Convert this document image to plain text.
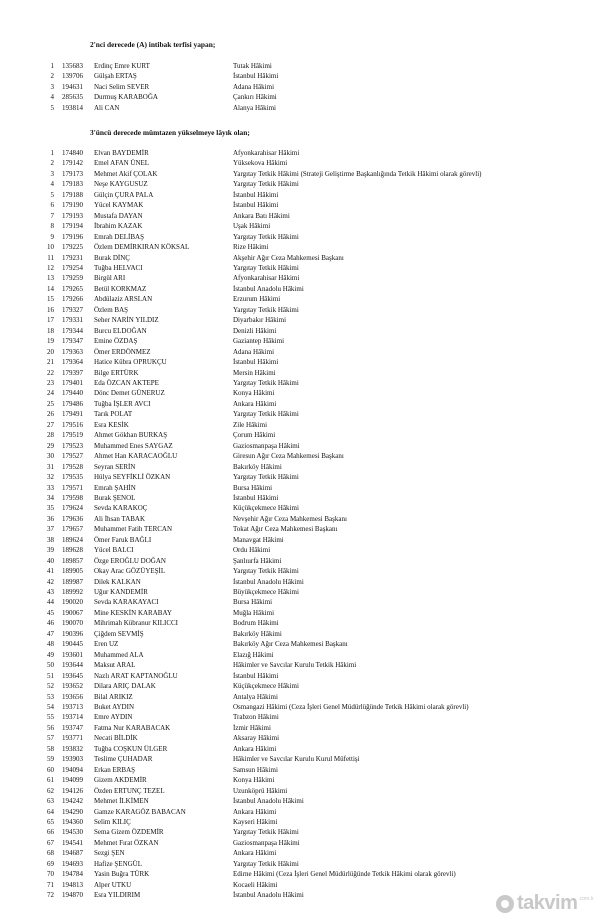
2'nci derecede (A) intibak terfisi yapan;
1 135683 Erdinç Emre KURT	Tutak Hâkimi
2 139706 Gülşah ERTAŞ	İstanbul Hâkimi
3 194631 Naci Selim SEVER	Adana Hâkimi
4 285635 Durmuş KARABOĞA	Çankırı Hâkimi
5 193814 Ali CAN	Alanya Hâkimi
3'üncü derecede mümtazen yükselmeye lâyık olan;
1 174840 Elvan BAYDEMİR	Afyonkarahisar Hâkimi
2 179142 Emel AFAN ÜNEL	Yüksekova Hâkimi
3 179173 Mehmet Akif ÇOLAK	Yargıtay Tetkik Hâkimi (Strateji Geliştirme Başkanlığında Tetkik Hâkimi olarak görevli)
4 179183 Neşe KAYGUSUZ	Yargıtay Tetkik Hâkimi
5 179188 Gülçin ÇURA PALA	İstanbul Hâkimi
6 179190 Yücel KAYMAK	İstanbul Hâkimi
7 179193 Mustafa DAYAN	Ankara Batı Hâkimi
8 179194 İbrahim KAZAK	Uşak Hâkimi
9 179196 Emrah DELİBAŞ	Yargıtay Tetkik Hâkimi
10 179225 Özlem DEMİRKIRAN KÖKSAL	Rize Hâkimi
11 179231 Burak DİNÇ	Akşehir Ağır Ceza Mahkemesi Başkanı
12 179254 Tuğba HELVACI	Yargıtay Tetkik Hâkimi
13 179259 Birgül ARI	Afyonkarahisar Hâkimi
14 179265 Betül KORKMAZ	İstanbul Anadolu Hâkimi
15 179266 Abdülaziz ARSLAN	Erzurum Hâkimi
16 179327 Özlem BAŞ	Yargıtay Tetkik Hâkimi
17 179331 Seher NARİN YILDIZ	Diyarbakır Hâkimi
18 179344 Burcu ELDOĞAN	Denizli Hâkimi
19 179347 Emine ÖZDAŞ	Gaziantep Hâkimi
20 179363 Ömer ERDÖNMEZ	Adana Hâkimi
21 179364 Hatice Kübra OPRUKÇU	İstanbul Hâkimi
22 179397 Bilge ERTÜRK	Mersin Hâkimi
23 179401 Eda ÖZCAN AKTEPE	Yargıtay Tetkik Hâkimi
24 179440 Dönc Demet GÜNERUZ	Konya Hâkimi
25 179486 Tuğba İŞLER AVCI	Ankara Hâkimi
26 179491 Tarık POLAT	Yargıtay Tetkik Hâkimi
27 179516 Esra KESİK	Zile Hâkimi
28 179519 Ahmet Gökhan BURKAŞ	Çorum Hâkimi
29 179523 Muhammed Enes SAYGAZ	Gaziosmanpaşa Hâkimi
30 179527 Ahmet Han KARACAOĞLU	Giresun Ağır Ceza Mahkemesi Başkanı
31 179528 Seyran SERİN	Bakırköy Hâkimi
32 179535 Hülya SEYFİKLİ ÖZKAN	Yargıtay Tetkik Hâkimi
33 179571 Emrah ŞAHİN	Bursa Hâkimi
34 179598 Burak ŞENOL	İstanbul Hâkimi
35 179624 Sevda KARAKOÇ	Küçükçekmece Hâkimi
36 179636 Ali İhsan TABAK	Nevşehir Ağır Ceza Mahkemesi Başkanı
37 179657 Muhammet Fatih TERCAN	Tokat Ağır Ceza Mahkemesi Başkanı
38 189624 Ömer Faruk BAĞLI	Manavgat Hâkimi
39 189628 Yücel BALCI	Ordu Hâkimi
40 189857 Özge EROĞLU DOĞAN	Şanlıurfa Hâkimi
41 189905 Okay Arас GÖZÜYEŞİL	Yargıtay Tetkik Hâkimi
42 189987 Dilek KALKAN	İstanbul Anadolu Hâkimi
43 189992 Uğur KANDEMİR	Büyükçekmece Hâkimi
44 190020 Sevda KARAKAYACI	Bursa Hâkimi
45 190067 Mine KESKİN KARABAY	Muğla Hâkimi
46 190070 Mihrimah Kübranur KILICCI	Bodrum Hâkimi
47 190396 Çiğdem SEVMİŞ	Bakırköy Hâkimi
48 190445 Eren UZ	Bakırköy Ağır Ceza Mahkemesi Başkanı
49 193601 Muhammed ALA	Elazığ Hâkimi
50 193644 Maksut ARAL	Hâkimler ve Savcılar Kurulu Tetkik Hâkimi
51 193645 Nazlı ARAT KAPTANOĞLU	İstanbul Hâkimi
52 193652 Dilara ARIÇ DALAK	Küçükçekmece Hâkimi
53 193656 Bilal ARIKIZ	Antalya Hâkimi
54 193713 Buket AYDIN	Osmangazi Hâkimi (Ceza İşleri Genel Müdürlüğünde Tetkik Hâkimi olarak görevli)
55 193714 Emre AYDIN	Trabzon Hâkimi
56 193747 Fatma Nur KARABACAK	İzmir Hâkimi
57 193771 Necati BİLDİK	Aksaray Hâkimi
58 193832 Tuğba COŞKUN ÜLGER	Ankara Hâkimi
59 193903 Teslime ÇUHADAR	Hâkimler ve Savcılar Kurulu Kurul Müfettişi
60 194094 Erkan ERBAŞ	Samsun Hâkimi
61 194099 Gizem AKDEMİR	Konya Hâkimi
62 194126 Özden ERTUNÇ TEZEL	Uzunköprü Hâkimi
63 194242 Mehmet İLKİMEN	İstanbul Anadolu Hâkimi
64 194290 Gamze KARAGÖZ BABACAN	Ankara Hâkimi
65 194360 Selim KILIÇ	Kayseri Hâkimi
66 194530 Sema Gizem ÖZDEMİR	Yargıtay Tetkik Hâkimi
67 194541 Mehmet Fırat ÖZKAN	Gaziosmanpaşa Hâkimi
68 194687 Sezgi ŞEN	Ankara Hâkimi
69 194693 Hafize ŞENGÜL	Yargıtay Tetkik Hâkimi
70 194784 Yasin Buğra TÜRK	Edirne Hâkimi (Ceza İşleri Genel Müdürlüğünde Tetkik Hâkimi olarak görevli)
71 194813 Alper UTKU	Kocaeli Hâkimi
72 194870 Esra YILDIRIM	İstanbul Anadolu Hâkimi	takvim .com.tr
